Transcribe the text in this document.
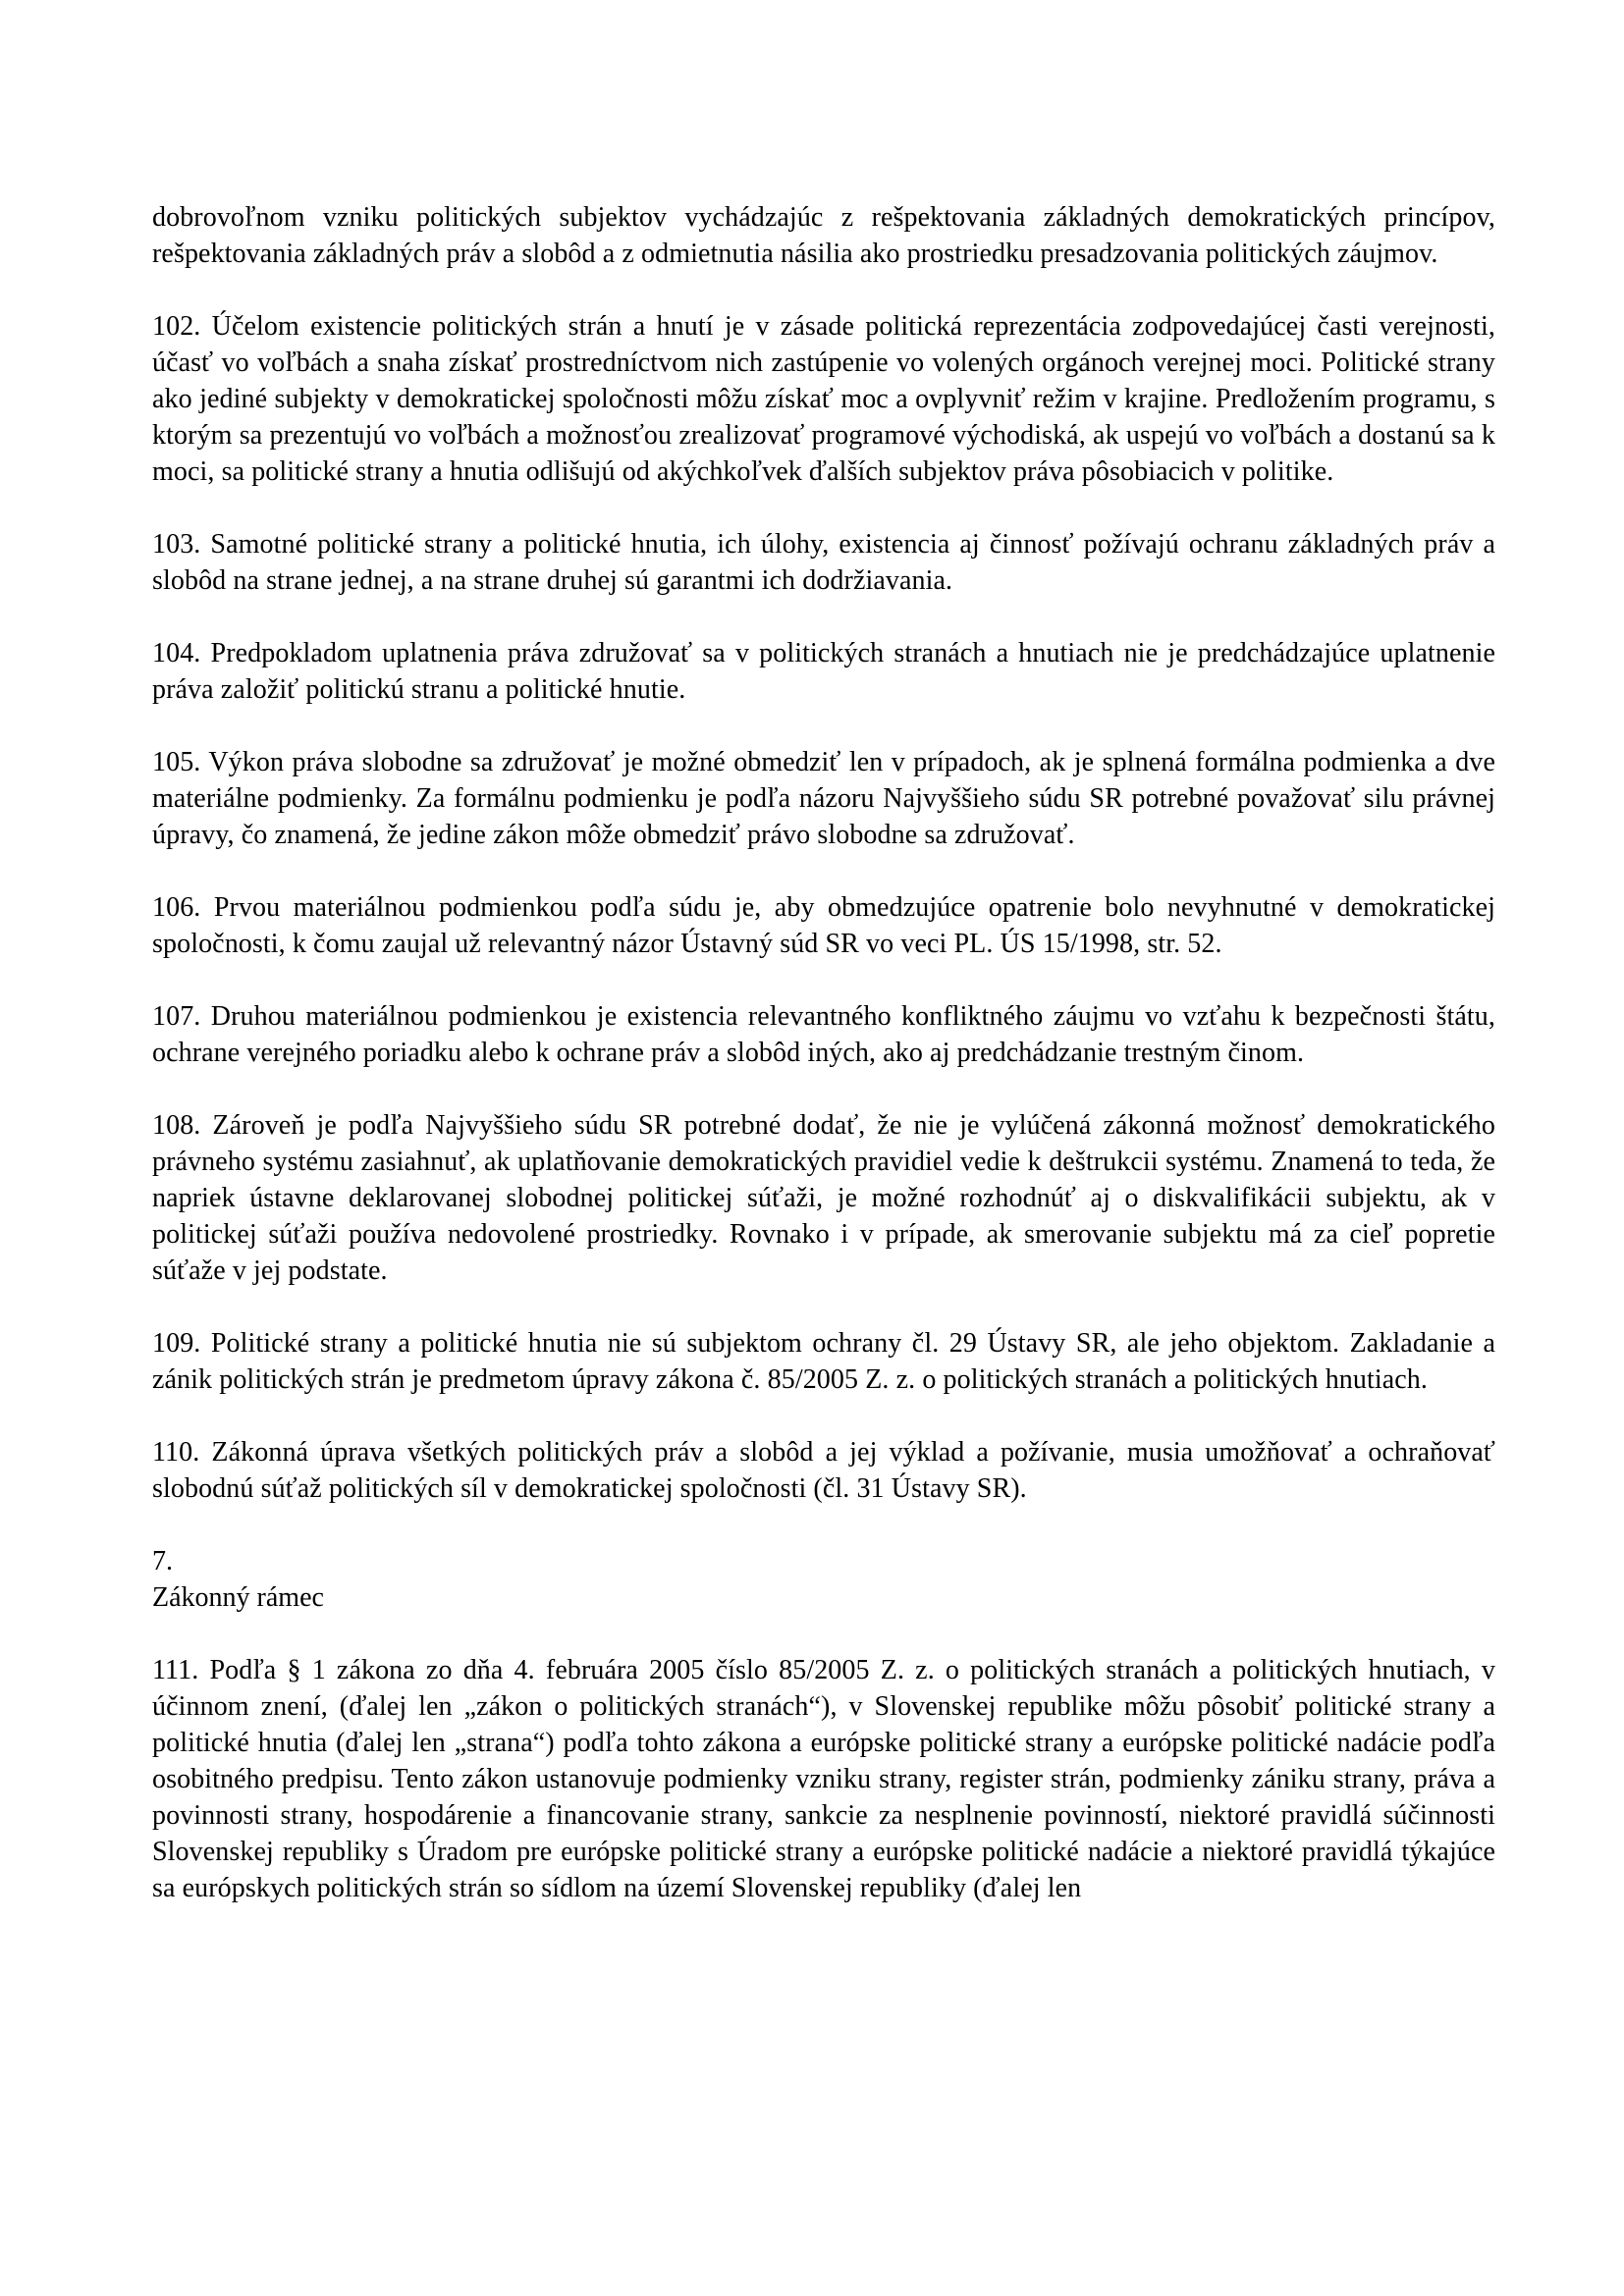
dobrovoľnom vzniku politických subjektov vychádzajúc z rešpektovania základných demokratických princípov, rešpektovania základných práv a slobôd a z odmietnutia násilia ako prostriedku presadzovania politických záujmov.

102. Účelom existencie politických strán a hnutí je v zásade politická reprezentácia zodpovedajúcej časti verejnosti, účasť vo voľbách a snaha získať prostredníctvom nich zastúpenie vo volených orgánoch verejnej moci. Politické strany ako jediné subjekty v demokratickej spoločnosti môžu získať moc a ovplyvniť režim v krajine. Predložením programu, s ktorým sa prezentujú vo voľbách a možnosťou zrealizovať programové východiská, ak uspejú vo voľbách a dostanú sa k moci, sa politické strany a hnutia odlišujú od akýchkoľvek ďalších subjektov práva pôsobiacich v politike.

103. Samotné politické strany a politické hnutia, ich úlohy, existencia aj činnosť požívajú ochranu základných práv a slobôd na strane jednej, a na strane druhej sú garantmi ich dodržiavania.

104. Predpokladom uplatnenia práva združovať sa v politických stranách a hnutiach nie je predchádzajúce uplatnenie práva založiť politickú stranu a politické hnutie.

105. Výkon práva slobodne sa združovať je možné obmedziť len v prípadoch, ak je splnená formálna podmienka a dve materiálne podmienky. Za formálnu podmienku je podľa názoru Najvyššieho súdu SR potrebné považovať silu právnej úpravy, čo znamená, že jedine zákon môže obmedziť právo slobodne sa združovať.

106. Prvou materiálnou podmienkou podľa súdu je, aby obmedzujúce opatrenie bolo nevyhnutné v demokratickej spoločnosti, k čomu zaujal už relevantný názor Ústavný súd SR vo veci PL. ÚS 15/1998, str. 52.

107. Druhou materiálnou podmienkou je existencia relevantného konfliktného záujmu vo vzťahu k bezpečnosti štátu, ochrane verejného poriadku alebo k ochrane práv a slobôd iných, ako aj predchádzanie trestným činom.

108. Zároveň je podľa Najvyššieho súdu SR potrebné dodať, že nie je vylúčená zákonná možnosť demokratického právneho systému zasiahnuť, ak uplatňovanie demokratických pravidiel vedie k deštrukcii systému. Znamená to teda, že napriek ústavne deklarovanej slobodnej politickej súťaži, je možné rozhodnúť aj o diskvalifikácii subjektu, ak v politickej súťaži používa nedovolené prostriedky. Rovnako i v prípade, ak smerovanie subjektu má za cieľ popretie súťaže v jej podstate.

109. Politické strany a politické hnutia nie sú subjektom ochrany čl. 29 Ústavy SR, ale jeho objektom. Zakladanie a zánik politických strán je predmetom úpravy zákona č. 85/2005 Z. z. o politických stranách a politických hnutiach.

110. Zákonná úprava všetkých politických práv a slobôd a jej výklad a požívanie, musia umožňovať a ochraňovať slobodnú súťaž politických síl v demokratickej spoločnosti (čl. 31 Ústavy SR).

7.

Zákonný rámec

111. Podľa § 1 zákona zo dňa 4. februára 2005 číslo 85/2005 Z. z. o politických stranách a politických hnutiach, v účinnom znení, (ďalej len „zákon o politických stranách“), v Slovenskej republike môžu pôsobiť politické strany a politické hnutia (ďalej len „strana“) podľa tohto zákona a európske politické strany a európske politické nadácie podľa osobitného predpisu. Tento zákon ustanovuje podmienky vzniku strany, register strán, podmienky zániku strany, práva a povinnosti strany, hospodárenie a financovanie strany, sankcie za nesplnenie povinností, niektoré pravidlá súčinnosti Slovenskej republiky s Úradom pre európske politické strany a európske politické nadácie a niektoré pravidlá týkajúce sa európskych politických strán so sídlom na území Slovenskej republiky (ďalej len
